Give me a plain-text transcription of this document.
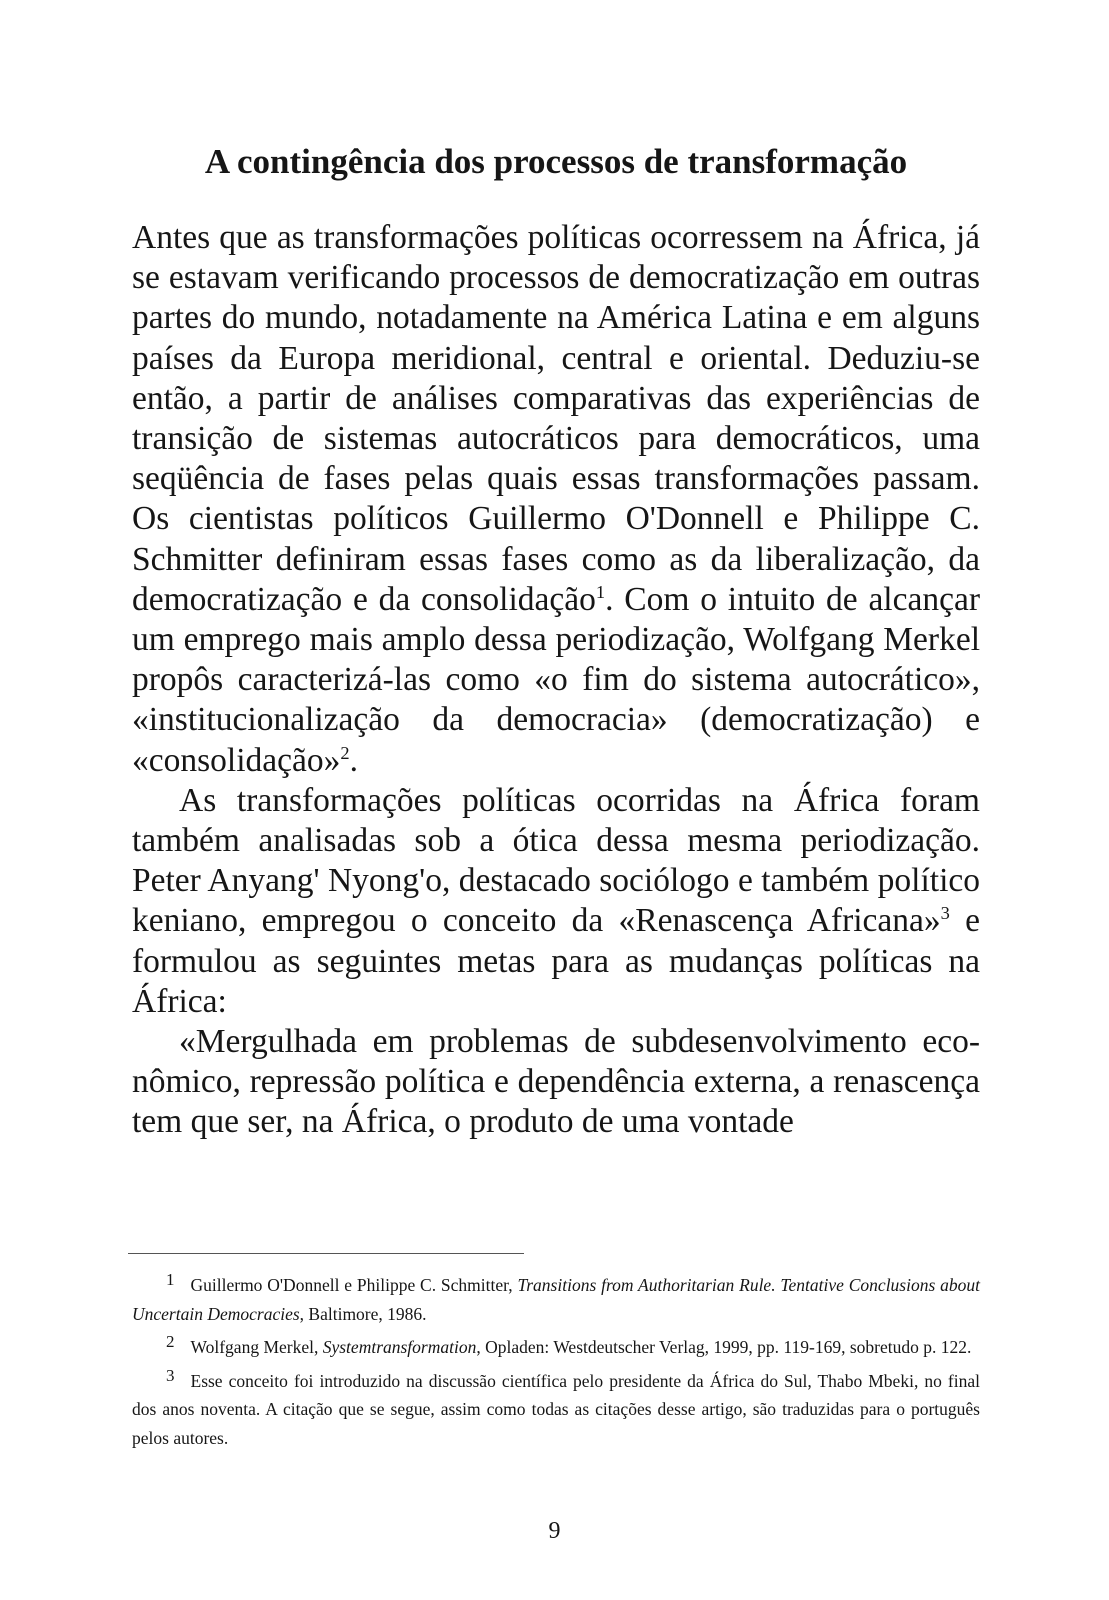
A contingência dos processos de transformação

Antes que as transformações políticas ocorressem na África, já se estavam verificando processos de democratização em outras partes do mundo, notadamente na América Latina e em alguns países da Europa meridional, central e oriental. Deduziu-se então, a partir de análises comparativas das experiências de transição de sistemas autocráticos para democráticos, uma seqüência de fases pelas quais essas transformações passam. Os cientistas políticos Guillermo O'Donnell e Philippe C. Schmitter definiram essas fases como as da liberalização, da democratização e da consolidação$^1$. Com o intuito de alcançar um emprego mais amplo dessa periodização, Wolfgang Merkel propôs caracterizá-las como «o fim do sistema autocrático», «institucionalização da democracia» (democratização) e «consolidação»$^2$.

As transformações políticas ocorridas na África foram também analisadas sob a ótica dessa mesma periodização. Peter Anyang' Nyong'o, destacado sociólogo e também político keniano, empregou o conceito da «Renascença Africana»$^3$ e formulou as seguintes metas para as mudanças políticas na África:

«Mergulhada em problemas de subdesenvolvimento econômico, repressão política e dependência externa, a renascença tem que ser, na África, o produto de uma vontade

1 Guillermo O'Donnell e Philippe C. Schmitter, Transitions from Authoritarian Rule. Tentative Conclusions about Uncertain Democracies, Baltimore, 1986.

2 Wolfgang Merkel, Systemtransformation, Opladen: Westdeutscher Verlag, 1999, pp. 119-169, sobretudo p. 122.

3 Esse conceito foi introduzido na discussão científica pelo presidente da África do Sul, Thabo Mbeki, no final dos anos noventa. A citação que se segue, assim como todas as citações desse artigo, são traduzidas para o português pelos autores.

9
